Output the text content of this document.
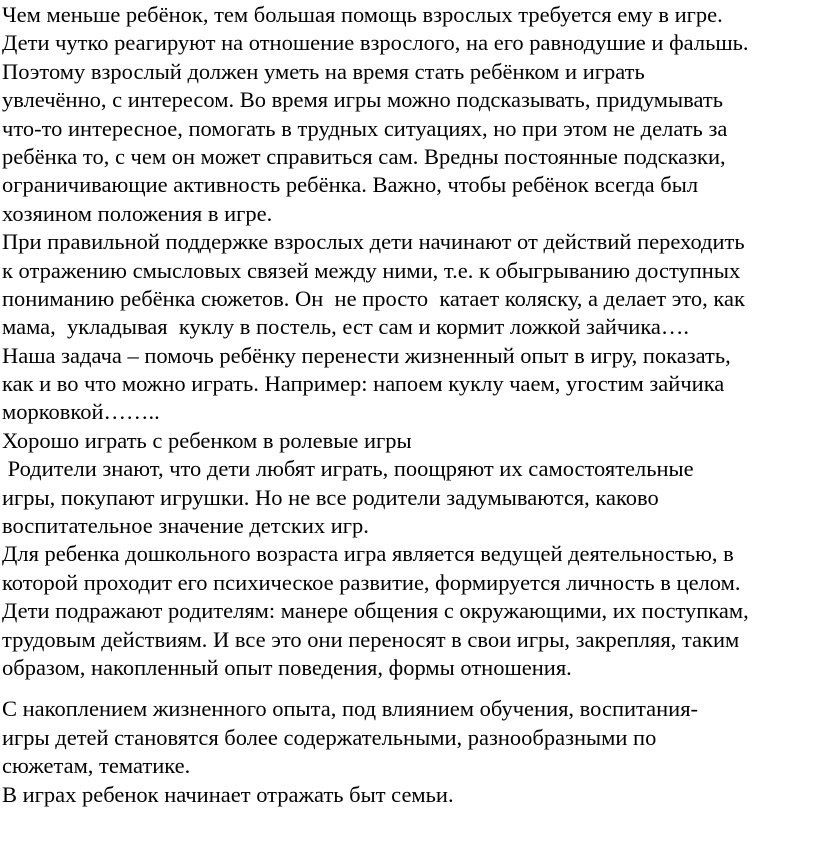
Чем меньше ребёнок, тем большая помощь взрослых требуется ему в игре.
Дети чутко реагируют на отношение взрослого, на его равнодушие и фальшь.
Поэтому взрослый должен уметь на время стать ребёнком и играть
увлечённо, с интересом. Во время игры можно подсказывать, придумывать
что-то интересное, помогать в трудных ситуациях, но при этом не делать за
ребёнка то, с чем он может справиться сам. Вредны постоянные подсказки,
ограничивающие активность ребёнка. Важно, чтобы ребёнок всегда был
хозяином положения в игре.
При правильной поддержке взрослых дети начинают от действий переходить
к отражению смысловых связей между ними, т.е. к обыгрыванию доступных
пониманию ребёнка сюжетов. Он  не просто  катает коляску, а делает это, как
мама,  укладывая  куклу в постель, ест сам и кормит ложкой зайчика….
Наша задача – помочь ребёнку перенести жизненный опыт в игру, показать,
как и во что можно играть. Например: напоем куклу чаем, угостим зайчика
морковкой……..
Хорошо играть с ребенком в ролевые игры
Родители знают, что дети любят играть, поощряют их самостоятельные
игры, покупают игрушки. Но не все родители задумываются, каково
воспитательное значение детских игр.
Для ребенка дошкольного возраста игра является ведущей деятельностью, в
которой проходит его психическое развитие, формируется личность в целом.
Дети подражают родителям: манере общения с окружающими, их поступкам,
трудовым действиям. И все это они переносят в свои игры, закрепляя, таким
образом, накопленный опыт поведения, формы отношения.
С накоплением жизненного опыта, под влиянием обучения, воспитания-
игры детей становятся более содержательными, разнообразными по
сюжетам, тематике.
В играх ребенок начинает отражать быт семьи.
